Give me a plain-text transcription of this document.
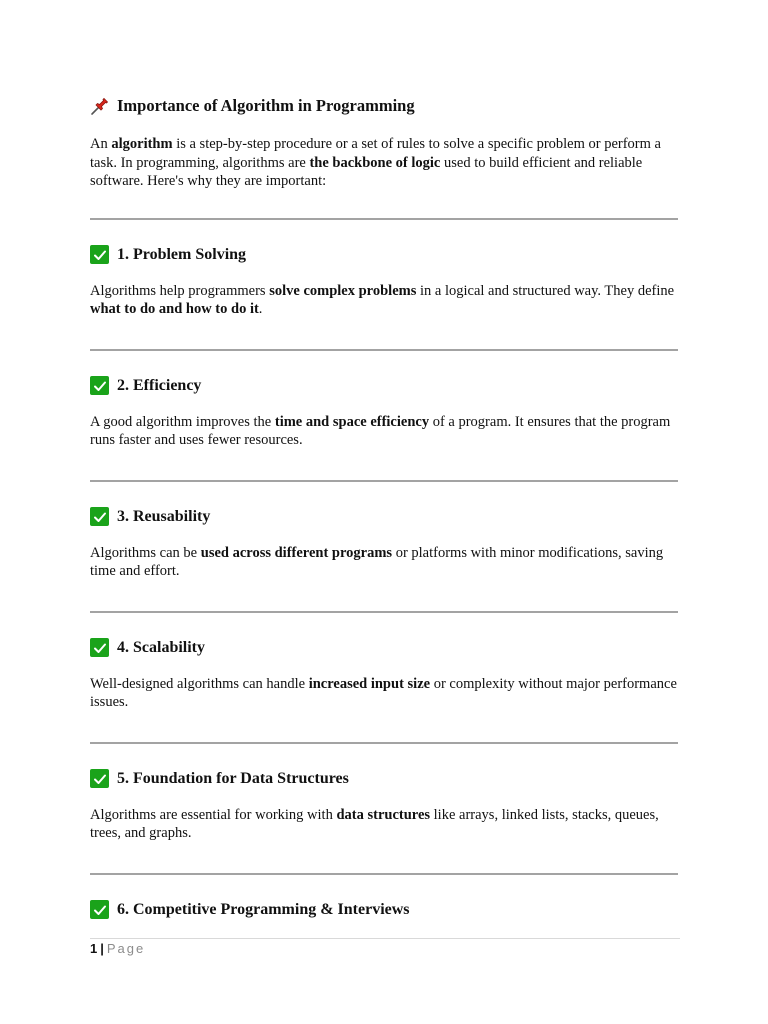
Importance of Algorithm in Programming
An algorithm is a step-by-step procedure or a set of rules to solve a specific problem or perform a task. In programming, algorithms are the backbone of logic used to build efficient and reliable software. Here's why they are important:
1. Problem Solving
Algorithms help programmers solve complex problems in a logical and structured way. They define what to do and how to do it.
2. Efficiency
A good algorithm improves the time and space efficiency of a program. It ensures that the program runs faster and uses fewer resources.
3. Reusability
Algorithms can be used across different programs or platforms with minor modifications, saving time and effort.
4. Scalability
Well-designed algorithms can handle increased input size or complexity without major performance issues.
5. Foundation for Data Structures
Algorithms are essential for working with data structures like arrays, linked lists, stacks, queues, trees, and graphs.
6. Competitive Programming & Interviews
1 | Page
